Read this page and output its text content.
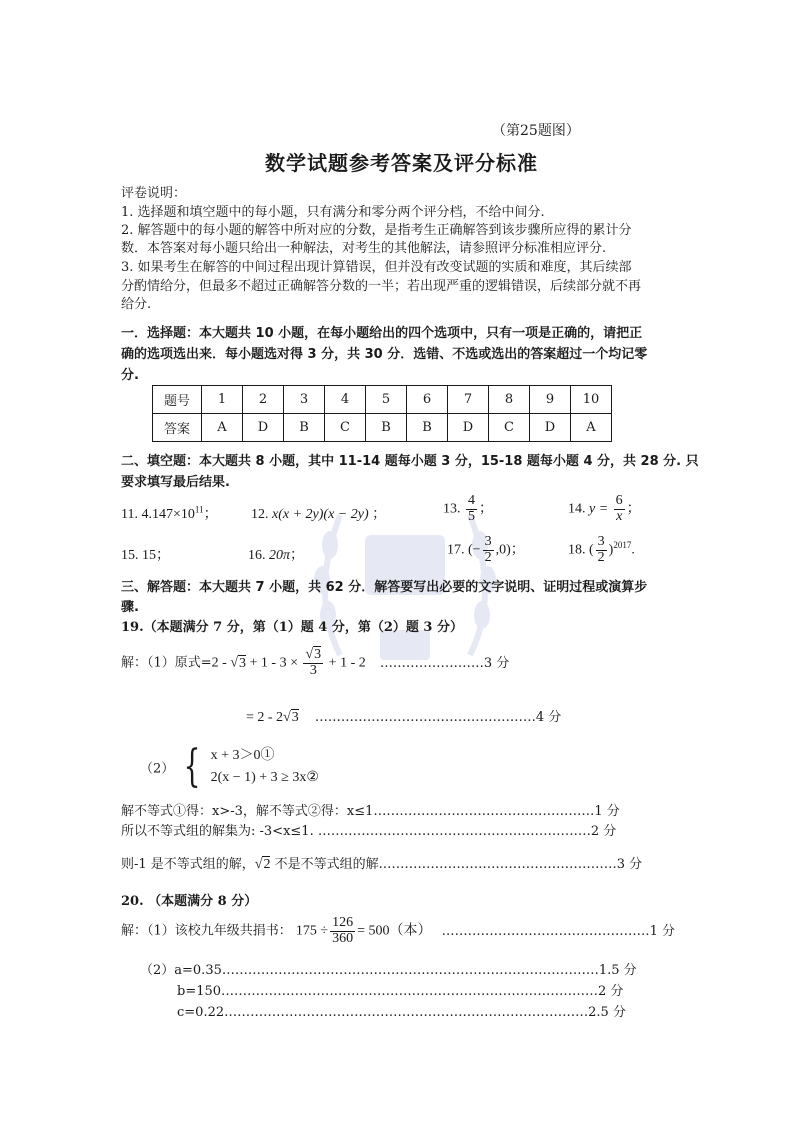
（第25题图）
数学试题参考答案及评分标准
评卷说明：
1. 选择题和填空题中的每小题，只有满分和零分两个评分档，不给中间分.
2. 解答题中的每小题的解答中所对应的分数，是指考生正确解答到该步骤所应得的累计分
数．本答案对每小题只给出一种解法，对考生的其他解法，请参照评分标准相应评分.
3. 如果考生在解答的中间过程出现计算错误，但并没有改变试题的实质和难度，其后续部
分酌情给分，但最多不超过正确解答分数的一半；若出现严重的逻辑错误，后续部分就不再
给分.
一．选择题：本大题共 10 小题，在每小题给出的四个选项中，只有一项是正确的，请把正
确的选项选出来．每小题选对得 3 分，共 30 分．选错、不选或选出的答案超过一个均记零
分.
题号	1	2	3	4	5	6	7	8	9	10
答案	A	D	B	C	B	B	D	C	D	A
二、填空题：本大题共 8 小题，其中 11-14 题每小题 3 分，15-18 题每小题 4 分，共 28 分. 只
要求填写最后结果.
11. $4.147\times 10^{11}$； 12. x(x + 2y)(x − 2y) ；	13. $\frac{4}{5}$ ；	14. $y = \frac{6}{x}$ ；
15. 15；	16. 20π；	17. (− $\frac{3}{2} ,0$)；	18. ( $\frac{3}{2} )^{2017}$.
三、解答题：本大题共 7 小题，共 62 分．解答要写出必要的文字说明、证明过程或演算步
骤.
19.（本题满分 7 分，第（1）题 4 分，第（2）题 3 分）
解：（1）原式$=2 - √3 + 1 - 3 \times \frac{√3}{3} + 1 - 2$ ……………………3 分
= 2 - 2√3 ……………………………………………4 分
（2） { x + 3＞0①
2(x − 1) + 3 ≥ 3x②
解不等式①得：x>-3，解不等式②得：x≤1……………………………………………1 分
所以不等式组的解集为: -3<x≤1. ………………………………………………………2 分
则-1 是不等式组的解，√2 不是不等式组的解.………………………………………………3 分
20. （本题满分 8 分）
解：（1）该校九年级共捐书： $175 \div \frac{126}{360} = 500$（本） …………………………………………1 分
（2）a=0.35……………………………………………………………………………1.5 分
b=150……………………………………………………………………………2 分
c=0.22…………………………………………………………………………2.5 分
